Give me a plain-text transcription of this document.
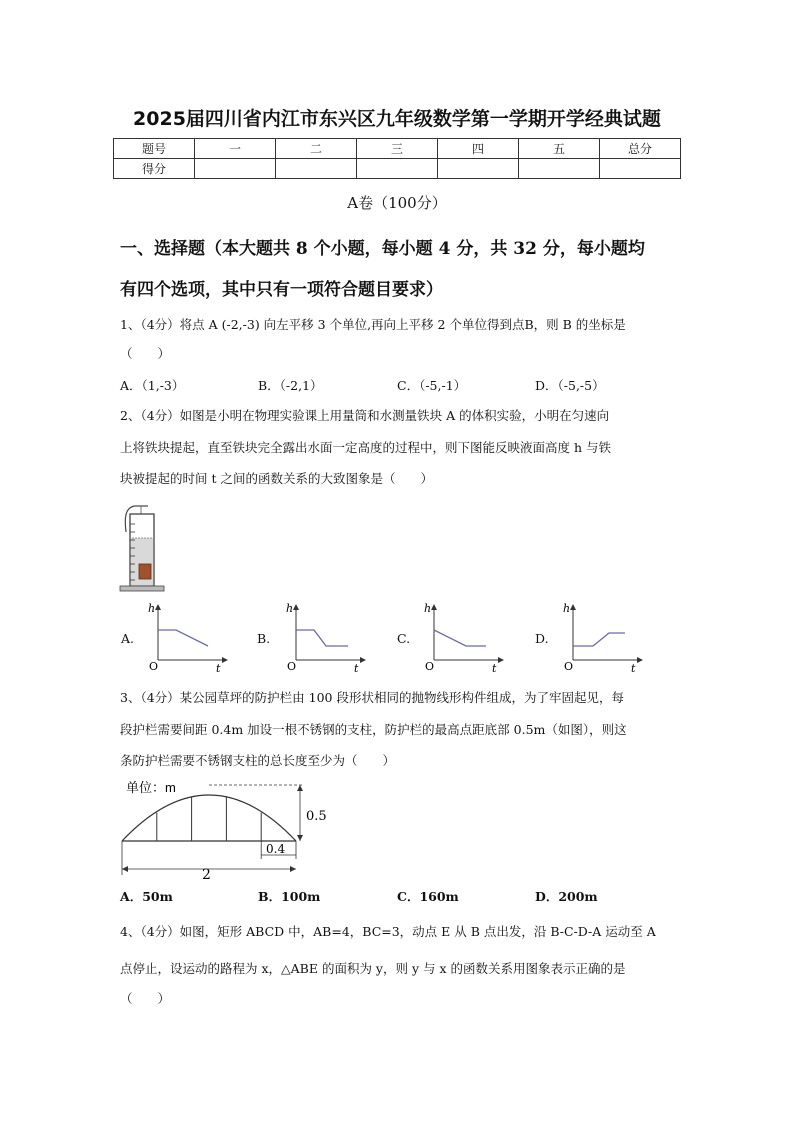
2025届四川省内江市东兴区九年级数学第一学期开学经典试题
题号	一	二	三	四	五	总分
得分						
A卷（100分）
一、选择题（本大题共 8 个小题，每小题 4 分，共 32 分，每小题均
有四个选项，其中只有一项符合题目要求）
1、（4分）将点 A (-2,-3) 向左平移 3 个单位,再向上平移 2 个单位得到点B，则 B 的坐标是
（　　）
A．（1,-3）	B．（-2,1）	C．（-5,-1）	D．（-5,-5）
2、（4分）如图是小明在物理实验课上用量筒和水测量铁块 A 的体积实验，小明在匀速向
上将铁块提起，直至铁块完全露出水面一定高度的过程中，则下图能反映液面高度 h 与铁
块被提起的时间 t 之间的函数关系的大致图象是（　　）
A.
h
t
O
B.
h
t
O
C.
h
t
O
D.
h
t
O
3、（4分）某公园草坪的防护栏由 100 段形状相同的抛物线形构件组成，为了牢固起见，每
段护栏需要间距 0.4m 加设一根不锈钢的支柱，防护栏的最高点距底部 0.5m（如图），则这
条防护栏需要不锈钢支柱的总长度至少为（　　）
单位：m
0.5
0.4
2
A．50m	B．100m	C．160m	D．200m
4、（4分）如图，矩形 ABCD 中，AB=4，BC=3，动点 E 从 B 点出发，沿 B-C-D-A 运动至 A
点停止，设运动的路程为 x，△ABE 的面积为 y，则 y 与 x 的函数关系用图象表示正确的是
（　　）
